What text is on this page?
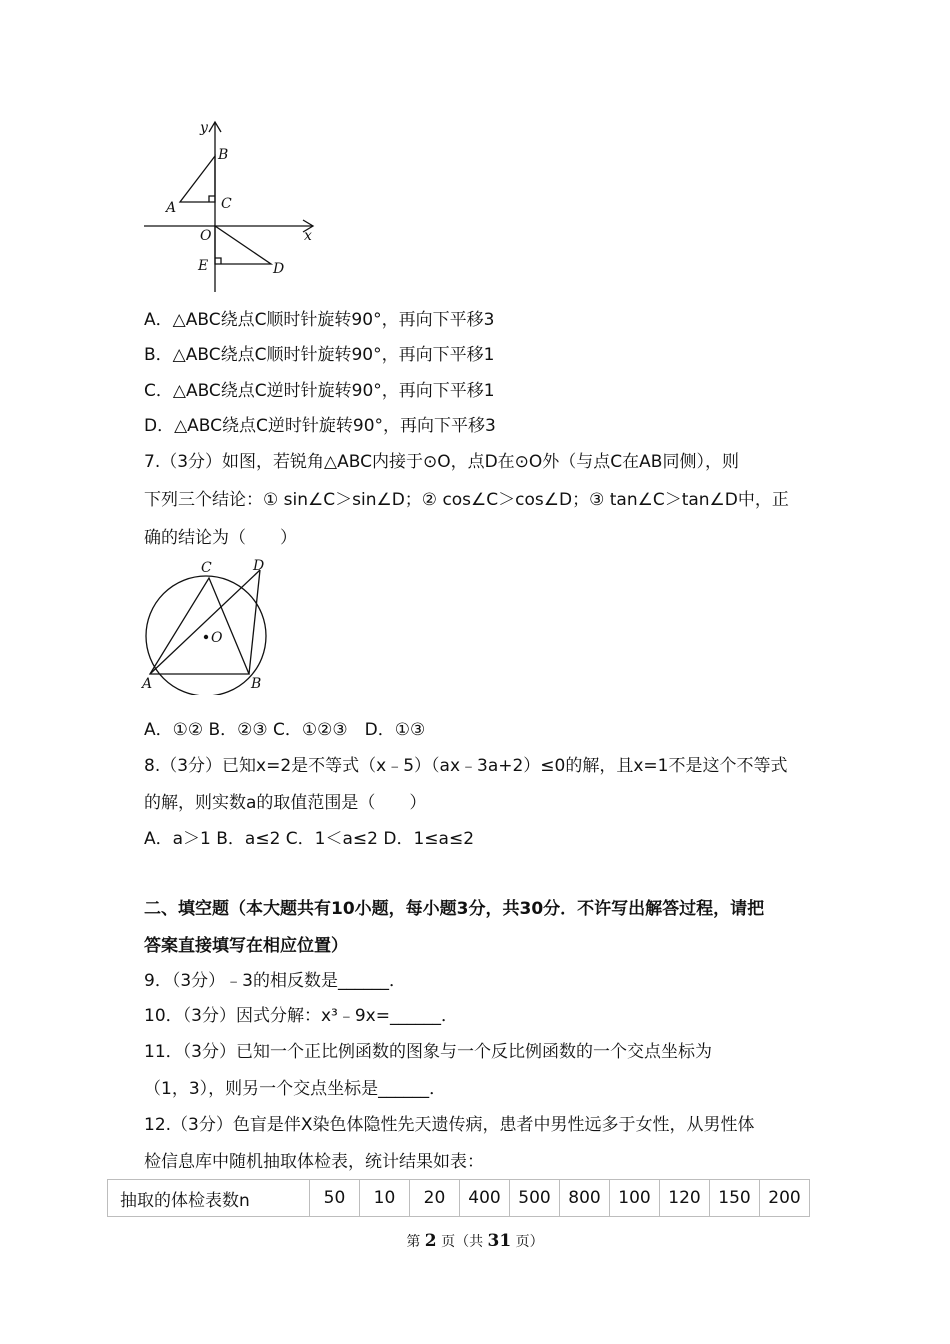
y
B
A	C
O	x
E	D
A．△ABC绕点C顺时针旋转90°，再向下平移3
B．△ABC绕点C顺时针旋转90°，再向下平移1
C．△ABC绕点C逆时针旋转90°，再向下平移1
D．△ABC绕点C逆时针旋转90°，再向下平移3
7.（3分）如图，若锐角△ABC内接于⊙O，点D在⊙O外（与点C在AB同侧），则
下列三个结论：① sin∠C＞sin∠D；② cos∠C＞cos∠D；③ tan∠C＞tan∠D中，正
确的结论为（　　）
C	D
O
A	B
A．①② B．②③ C．①②③　D．①③
8.（3分）已知x=2是不等式（x﹣5）（ax﹣3a+2）≤0的解，且x=1不是这个不等式
的解，则实数a的取值范围是（　　）
A．a＞1 B．a≤2 C．1＜a≤2 D．1≤a≤2
二、填空题（本大题共有10小题，每小题3分，共30分．不许写出解答过程，请把
答案直接填写在相应位置）
9．（3分）﹣3的相反数是______．
10．（3分）因式分解：x³﹣9x=______．
11．（3分）已知一个正比例函数的图象与一个反比例函数的一个交点坐标为
（1，3），则另一个交点坐标是______．
12.（3分）色盲是伴X染色体隐性先天遗传病，患者中男性远多于女性，从男性体
检信息库中随机抽取体检表，统计结果如表：
抽取的体检表数n	50	10	20	400	500	800	100	120	150	200
第 2 页（共 31 页）
